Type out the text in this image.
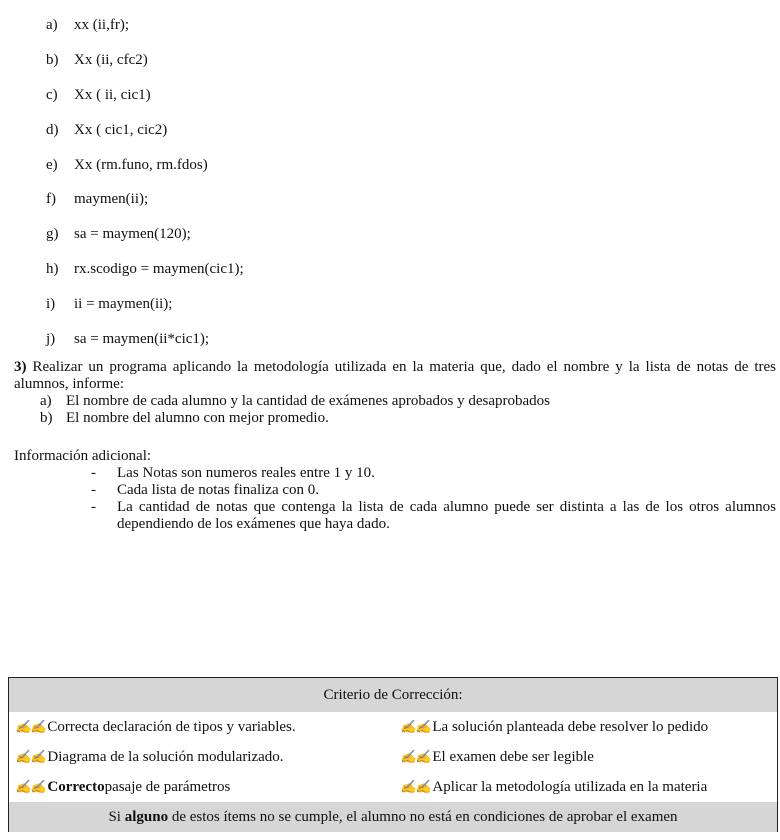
a)	xx (ii,fr);
b)	Xx (ii, cfc2)
c)	Xx ( ii, cic1)
d)	Xx ( cic1, cic2)
e)	Xx (rm.funo, rm.fdos)
f)	maymen(ii);
g)	sa = maymen(120);
h)	rx.scodigo = maymen(cic1);
i)	ii = maymen(ii);
j)	sa = maymen(ii*cic1);
3) Realizar un programa aplicando la metodología utilizada en la materia que, dado el nombre y la lista de notas de tres alumnos, informe:
a) El nombre de cada alumno y la cantidad de exámenes aprobados y desaprobados
b) El nombre del alumno con mejor promedio.
Información adicional:
-	Las Notas son numeros reales entre 1 y 10.
-	Cada lista de notas finaliza con 0.
-	La cantidad de notas que contenga la lista de cada alumno puede ser distinta a las de los otros alumnos dependiendo de los exámenes que haya dado.
Criterio de Corrección:
✍✍ Correcta declaración de tipos y variables.	✍✍ La solución planteada debe resolver lo pedido
✍✍ Diagrama de la solución modularizado.	✍✍ El examen debe ser legible
✍✍ Correcto pasaje de parámetros	✍✍ Aplicar la metodología utilizada en la materia
Si alguno de estos ítems no se cumple, el alumno no está en condiciones de aprobar el examen
